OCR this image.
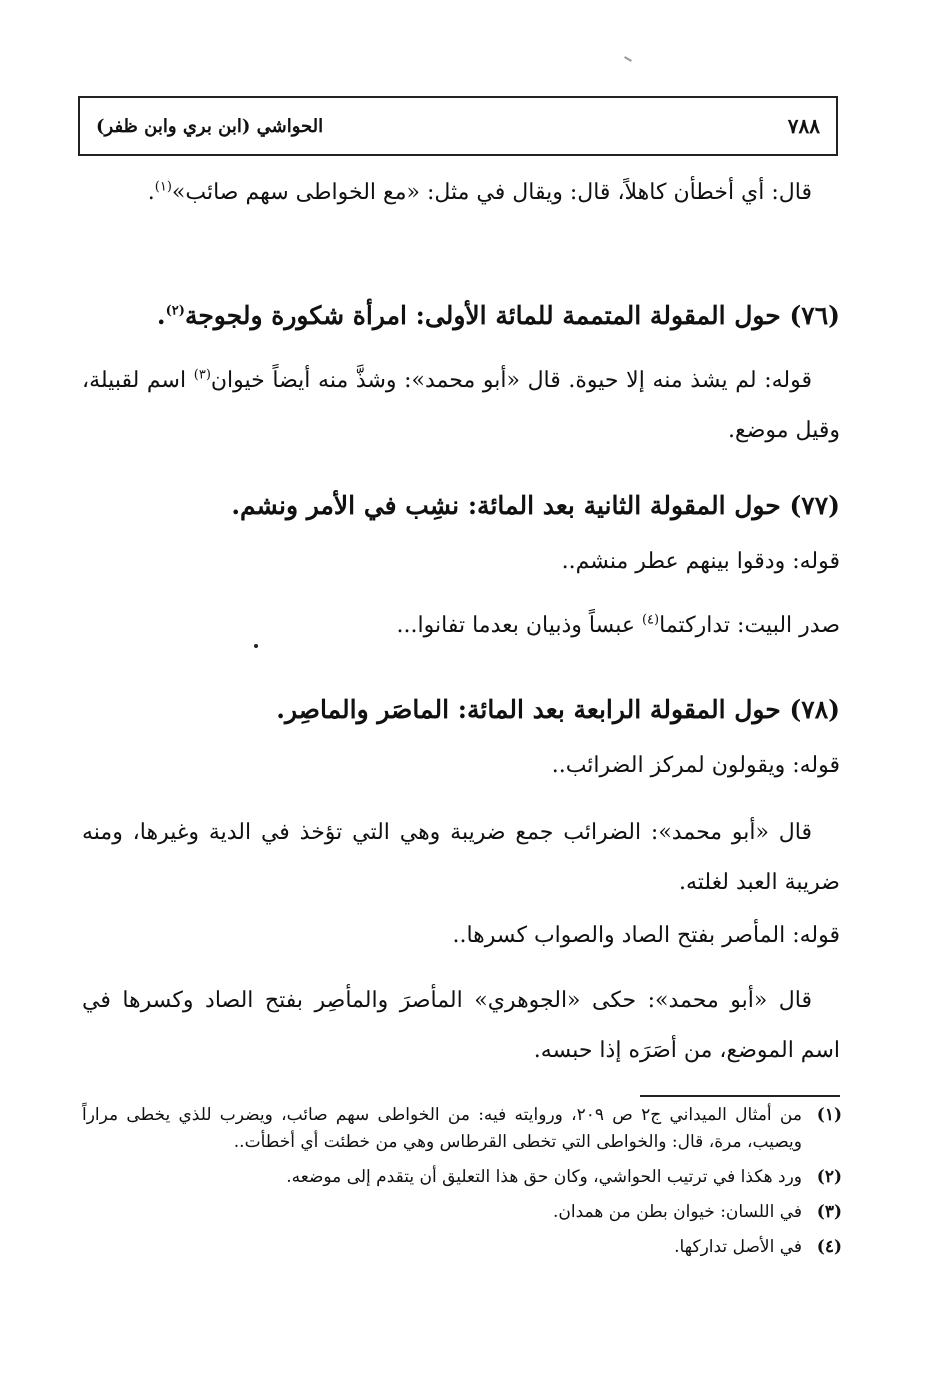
٧٨٨
الحواشي (ابن بري وابن ظفر)
قال: أي أخطأن كاهلاً، قال: ويقال في مثل: «مع الخواطى سهم صائب»$^{(١)}$.
(٧٦) حول المقولة المتممة للمائة الأولى: امرأة شكورة ولجوجة$^{(٢)}$.
قوله: لم يشذ منه إلا حيوة. قال «أبو محمد»: وشذَّ منه أيضاً خيوان$^{(٣)}$ اسم لقبيلة، وقيل موضع.
(٧٧) حول المقولة الثانية بعد المائة: نشِب في الأمر ونشم.
قوله: ودقوا بينهم عطر منشم..
صدر البيت: تداركتما$^{(٤)}$ عبساً وذبيان بعدما تفانوا...
(٧٨) حول المقولة الرابعة بعد المائة: الماصَر والماصِر.
قوله: ويقولون لمركز الضرائب..
قال «أبو محمد»: الضرائب جمع ضريبة وهي التي تؤخذ في الدية وغيرها، ومنه ضريبة العبد لغلته.
قوله: المأصر بفتح الصاد والصواب كسرها..
قال «أبو محمد»: حكى «الجوهري» المأصرَ والمأصِر بفتح الصاد وكسرها في اسم الموضع، من أصَرَه إذا حبسه.
(١)
من أمثال الميداني ج٢ ص ٢٠٩، وروايته فيه: من الخواطى سهم صائب، ويضرب للذي يخطى مراراً ويصيب، مرة، قال: والخواطى التي تخطى القرطاس وهي من خطئت أي أخطأت..
(٢)
ورد هكذا في ترتيب الحواشي، وكان حق هذا التعليق أن يتقدم إلى موضعه.
(٣)
في اللسان: خيوان بطن من همدان.
(٤)
في الأصل تداركها.
